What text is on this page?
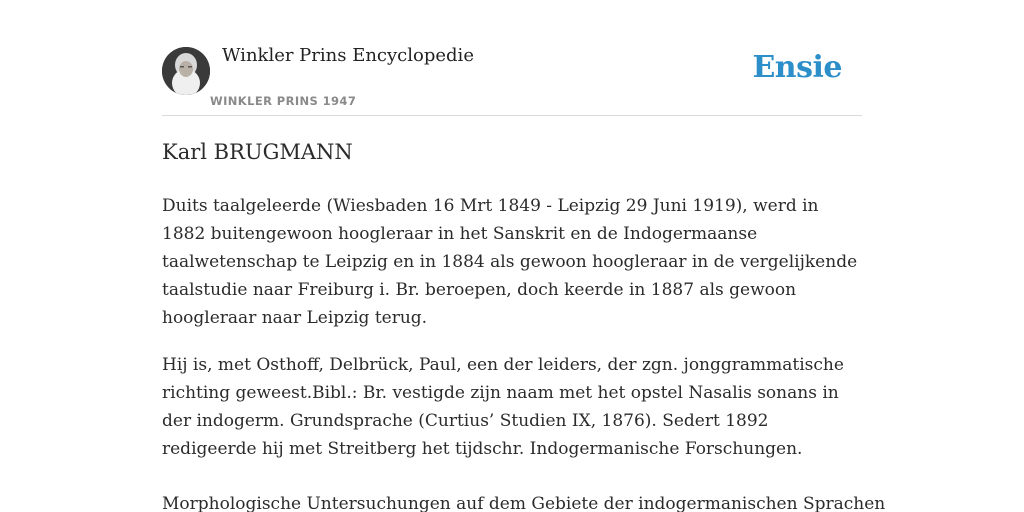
Winkler Prins Encyclopedie
WINKLER PRINS 1947
Ensie
Karl BRUGMANN

Duits taalgeleerde (Wiesbaden 16 Mrt 1849 - Leipzig 29 Juni 1919), werd in 1882 buitengewoon hoogleraar in het Sanskrit en de Indogermaanse taalwetenschap te Leipzig en in 1884 als gewoon hoogleraar in de vergelijkende taalstudie naar Freiburg i. Br. beroepen, doch keerde in 1887 als gewoon hoogleraar naar Leipzig terug.

Hij is, met Osthoff, Delbrück, Paul, een der leiders, der zgn. jonggrammatische richting geweest.Bibl.: Br. vestigde zijn naam met het opstel Nasalis sonans in der indogerm. Grundsprache (Curtius’ Studien IX, 1876). Sedert 1892 redigeerde hij met Streitberg het tijdschr. Indogermanische Forschungen.

Morphologische Untersuchungen auf dem Gebiete der indogermanischen Sprachen
